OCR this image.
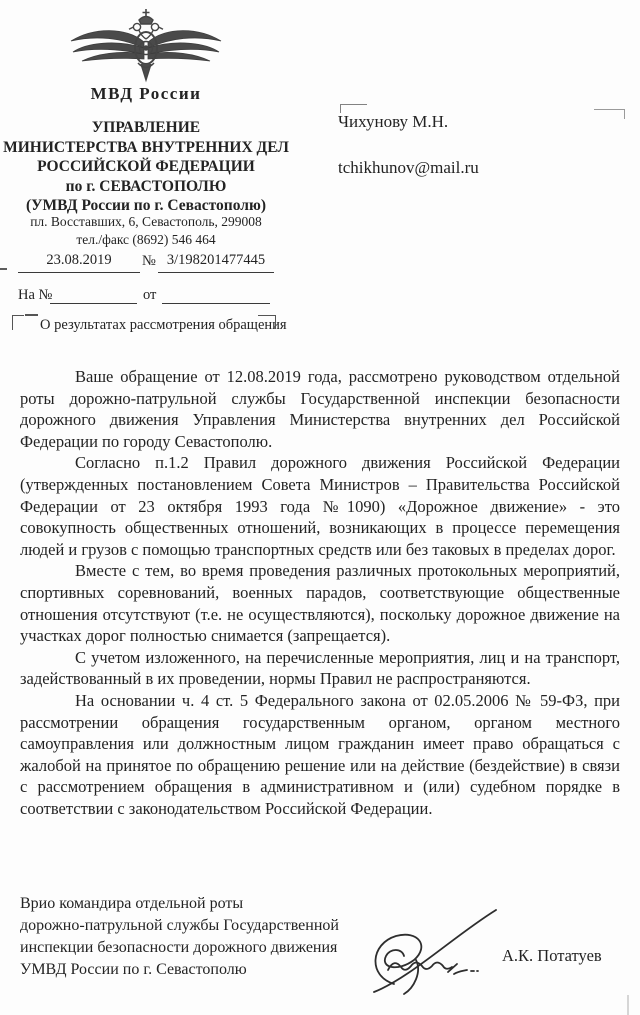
МВД России
УПРАВЛЕНИЕ
МИНИСТЕРСТВА ВНУТРЕННИХ ДЕЛ
РОССИЙСКОЙ ФЕДЕРАЦИИ
по г. СЕВАСТОПОЛЮ
(УМВД России по г. Севастополю)
пл. Восставших, 6, Севастополь, 299008
тел./факс (8692) 546 464
23.08.2019	№ 3/198201477445
На №	от
О результатах рассмотрения обращения
Чихунову М.Н.
tchikhunov@mail.ru

Ваше обращение от 12.08.2019 года, рассмотрено руководством отдельной роты дорожно-патрульной службы Государственной инспекции безопасности дорожного движения Управления Министерства внутренних дел Российской Федерации по городу Севастополю.

Согласно п.1.2 Правил дорожного движения Российской Федерации (утвержденных постановлением Совета Министров – Правительства Российской Федерации от 23 октября 1993 года №1090) «Дорожное движение» - это совокупность общественных отношений, возникающих в процессе перемещения людей и грузов с помощью транспортных средств или без таковых в пределах дорог.

Вместе с тем, во время проведения различных протокольных мероприятий, спортивных соревнований, военных парадов, соответствующие общественные отношения отсутствуют (т.е. не осуществляются), поскольку дорожное движение на участках дорог полностью снимается (запрещается).

С учетом изложенного, на перечисленные мероприятия, лиц и на транспорт, задействованный в их проведении, нормы Правил не распространяются.

На основании ч. 4 ст. 5 Федерального закона от 02.05.2006 № 59-ФЗ, при рассмотрении обращения государственным органом, органом местного самоуправления или должностным лицом гражданин имеет право обращаться с жалобой на принятое по обращению решение или на действие (бездействие) в связи с рассмотрением обращения в административном и (или) судебном порядке в соответствии с законодательством Российской Федерации.

Врио командира отдельной роты
дорожно-патрульной службы Государственной
инспекции безопасности дорожного движения
УМВД России по г. Севастополю
А.К. Потатуев
